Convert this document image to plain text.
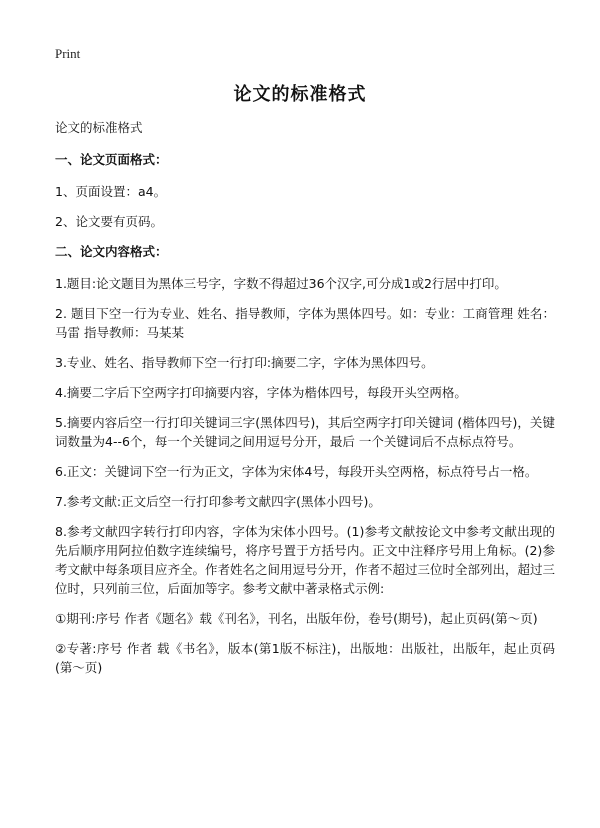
Print
论文的标准格式

论文的标准格式

一、论文页面格式：

1、页面设置：a4。

2、论文要有页码。

二、论文内容格式：

1.题目:论文题目为黑体三号字，字数不得超过36个汉字,可分成1或2行居中打印。

2. 题目下空一行为专业、姓名、指导教师，字体为黑体四号。如：专业：工商管理 姓名：马雷 指导教师：马某某

3.专业、姓名、指导教师下空一行打印:摘要二字，字体为黑体四号。

4.摘要二字后下空两字打印摘要内容，字体为楷体四号，每段开头空两格。

5.摘要内容后空一行打印关键词三字(黑体四号)，其后空两字打印关键词 (楷体四号)，关键词数量为4--6个，每一个关键词之间用逗号分开，最后 一个关键词后不点标点符号。

6.正文：关键词下空一行为正文，字体为宋体4号，每段开头空两格，标点符号占一格。

7.参考文献:正文后空一行打印参考文献四字(黑体小四号)。

8.参考文献四字转行打印内容，字体为宋体小四号。(1)参考文献按论文中参考文献出现的先后顺序用阿拉伯数字连续编号，将序号置于方括号内。正文中注释序号用上角标。(2)参考文献中每条项目应齐全。作者姓名之间用逗号分开，作者不超过三位时全部列出，超过三位时，只列前三位，后面加等字。参考文献中著录格式示例:

①期刊:序号 作者《题名》载《刊名》，刊名，出版年份，卷号(期号)，起止页码(第～页)

②专著:序号 作者 载《书名》，版本(第1版不标注)，出版地：出版社，出版年，起止页码(第～页)
